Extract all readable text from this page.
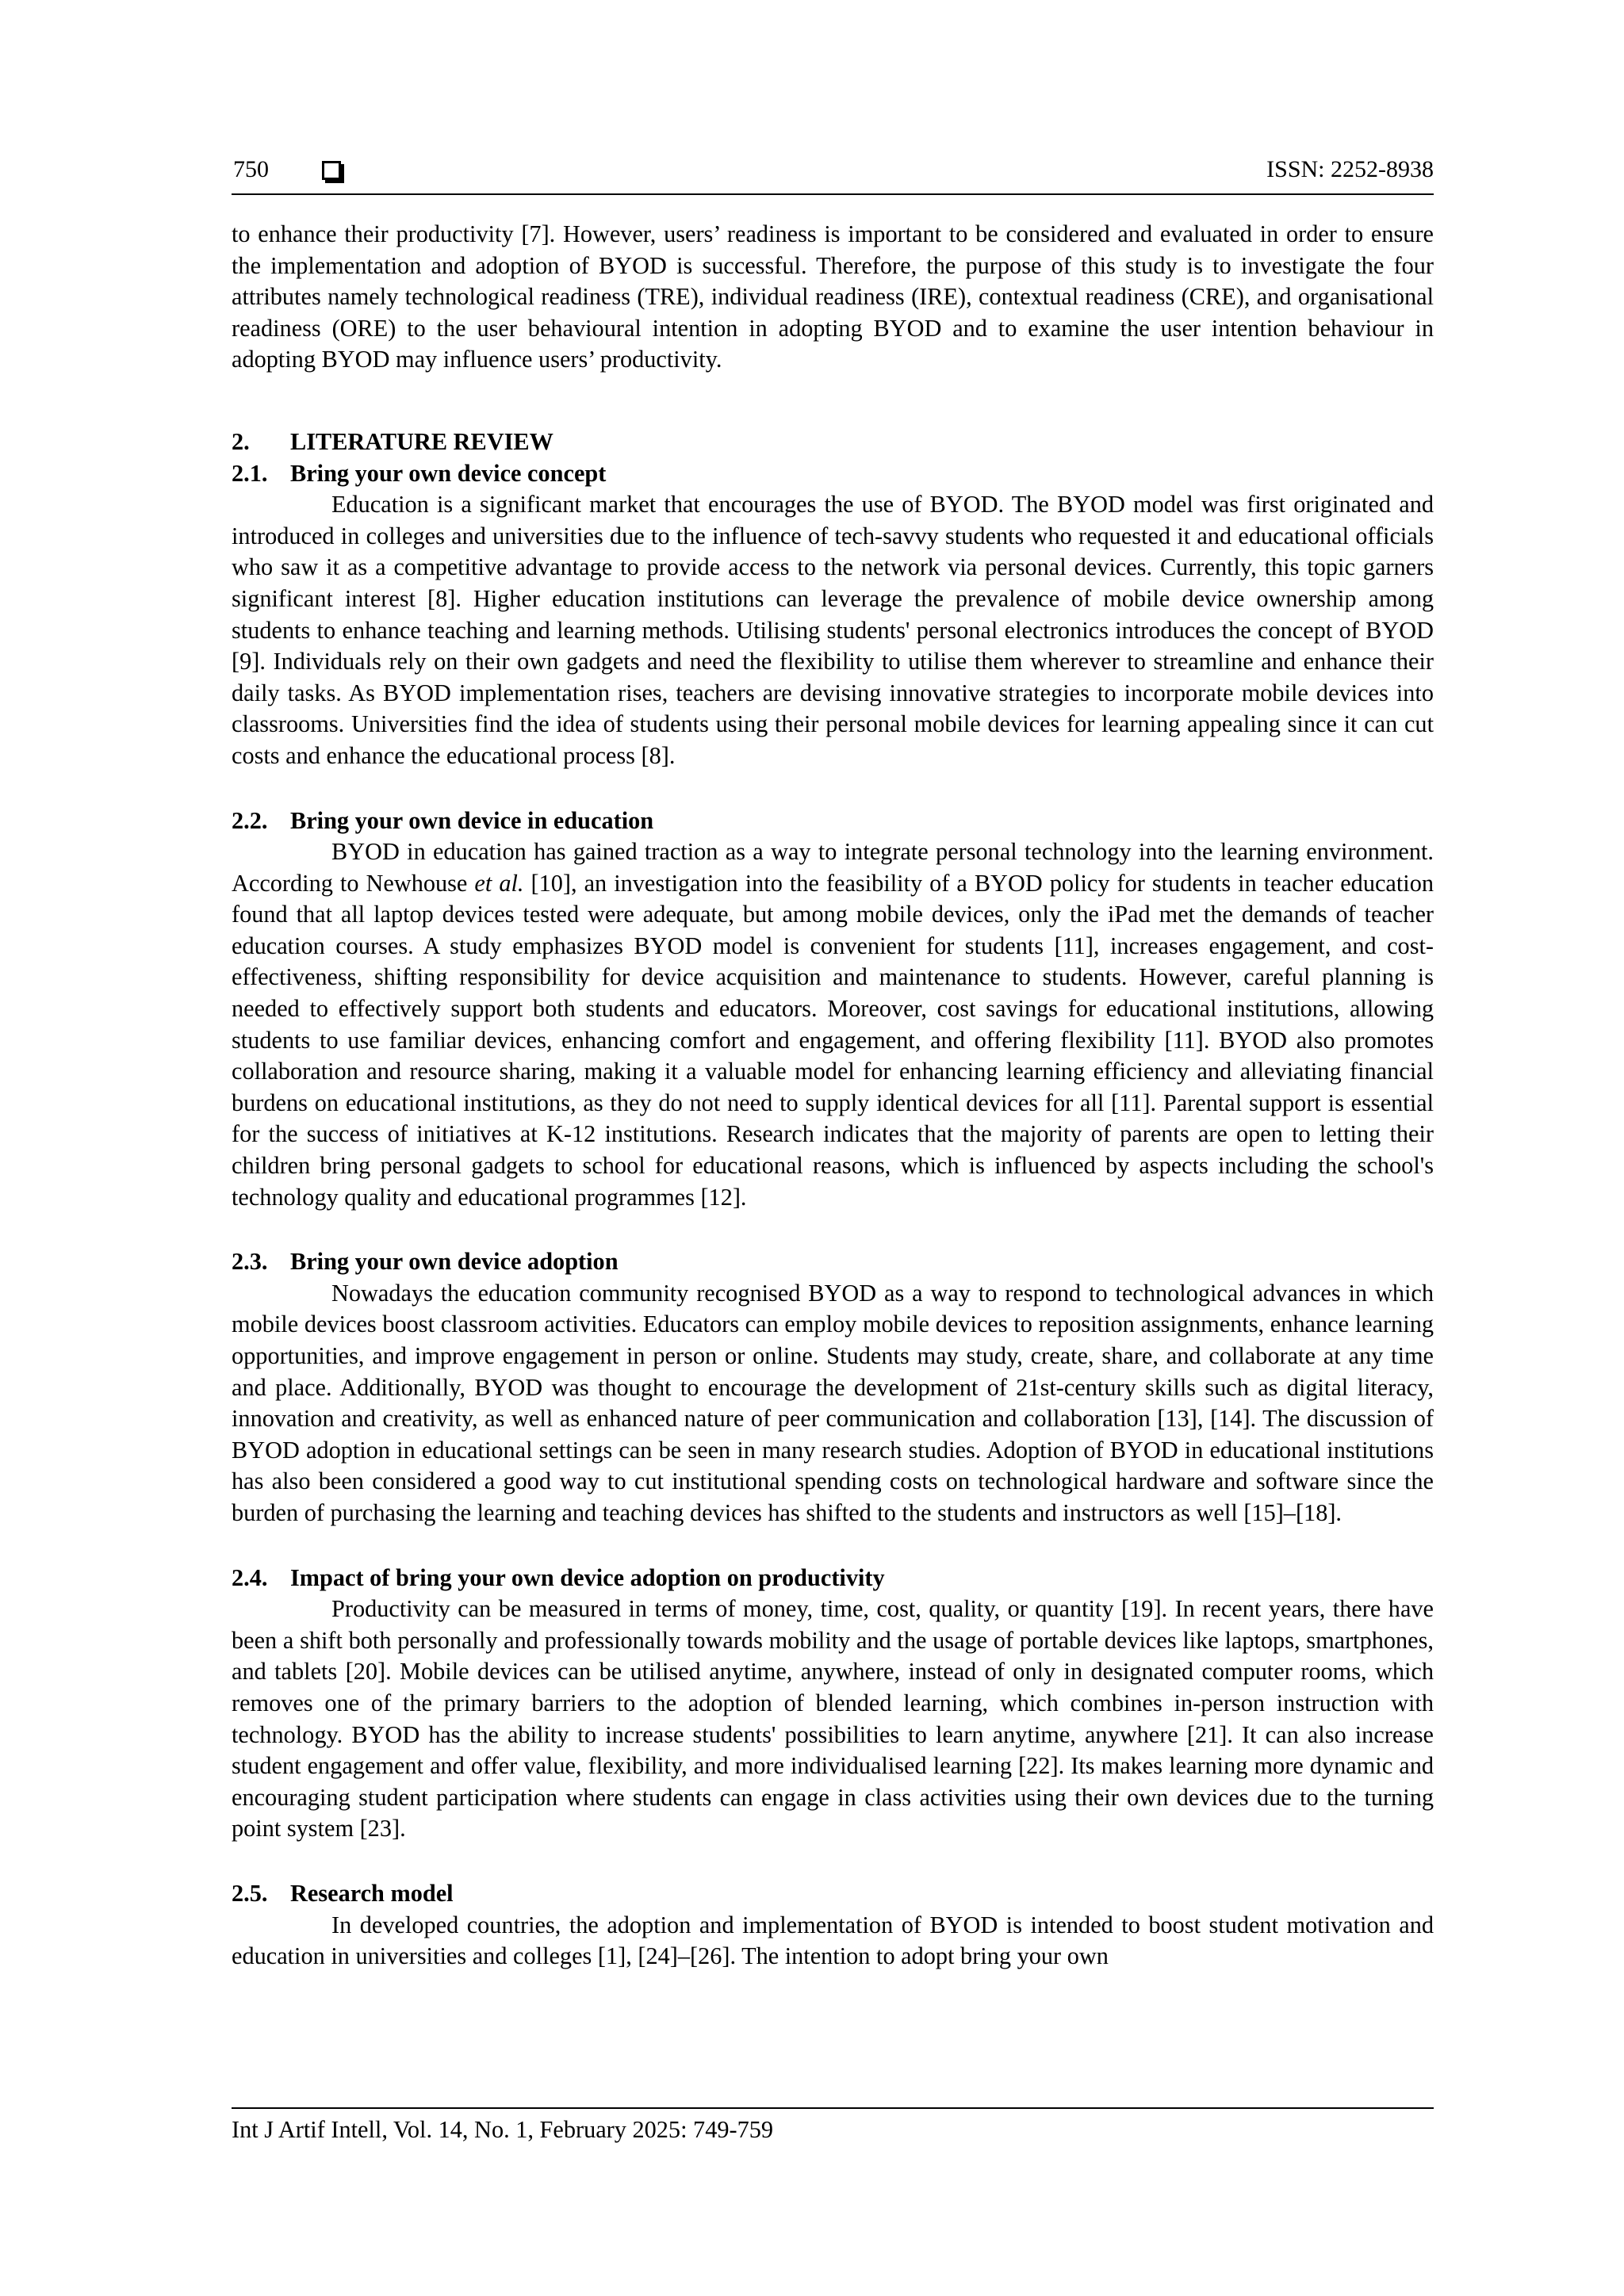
750	ISSN: 2252-8938

to enhance their productivity [7]. However, users’ readiness is important to be considered and evaluated in order to ensure the implementation and adoption of BYOD is successful. Therefore, the purpose of this study is to investigate the four attributes namely technological readiness (TRE), individual readiness (IRE), contextual readiness (CRE), and organisational readiness (ORE) to the user behavioural intention in adopting BYOD and to examine the user intention behaviour in adopting BYOD may influence users’ productivity.

2. LITERATURE REVIEW
2.1. Bring your own device concept

Education is a significant market that encourages the use of BYOD. The BYOD model was first originated and introduced in colleges and universities due to the influence of tech-savvy students who requested it and educational officials who saw it as a competitive advantage to provide access to the network via personal devices. Currently, this topic garners significant interest [8]. Higher education institutions can leverage the prevalence of mobile device ownership among students to enhance teaching and learning methods. Utilising students' personal electronics introduces the concept of BYOD [9]. Individuals rely on their own gadgets and need the flexibility to utilise them wherever to streamline and enhance their daily tasks. As BYOD implementation rises, teachers are devising innovative strategies to incorporate mobile devices into classrooms. Universities find the idea of students using their personal mobile devices for learning appealing since it can cut costs and enhance the educational process [8].

2.2. Bring your own device in education

BYOD in education has gained traction as a way to integrate personal technology into the learning environment. According to Newhouse et al. [10], an investigation into the feasibility of a BYOD policy for students in teacher education found that all laptop devices tested were adequate, but among mobile devices, only the iPad met the demands of teacher education courses. A study emphasizes BYOD model is convenient for students [11], increases engagement, and cost-effectiveness, shifting responsibility for device acquisition and maintenance to students. However, careful planning is needed to effectively support both students and educators. Moreover, cost savings for educational institutions, allowing students to use familiar devices, enhancing comfort and engagement, and offering flexibility [11]. BYOD also promotes collaboration and resource sharing, making it a valuable model for enhancing learning efficiency and alleviating financial burdens on educational institutions, as they do not need to supply identical devices for all [11]. Parental support is essential for the success of initiatives at K-12 institutions. Research indicates that the majority of parents are open to letting their children bring personal gadgets to school for educational reasons, which is influenced by aspects including the school's technology quality and educational programmes [12].

2.3. Bring your own device adoption

Nowadays the education community recognised BYOD as a way to respond to technological advances in which mobile devices boost classroom activities. Educators can employ mobile devices to reposition assignments, enhance learning opportunities, and improve engagement in person or online. Students may study, create, share, and collaborate at any time and place. Additionally, BYOD was thought to encourage the development of 21st-century skills such as digital literacy, innovation and creativity, as well as enhanced nature of peer communication and collaboration [13], [14]. The discussion of BYOD adoption in educational settings can be seen in many research studies. Adoption of BYOD in educational institutions has also been considered a good way to cut institutional spending costs on technological hardware and software since the burden of purchasing the learning and teaching devices has shifted to the students and instructors as well [15]–[18].

2.4. Impact of bring your own device adoption on productivity

Productivity can be measured in terms of money, time, cost, quality, or quantity [19]. In recent years, there have been a shift both personally and professionally towards mobility and the usage of portable devices like laptops, smartphones, and tablets [20]. Mobile devices can be utilised anytime, anywhere, instead of only in designated computer rooms, which removes one of the primary barriers to the adoption of blended learning, which combines in-person instruction with technology. BYOD has the ability to increase students' possibilities to learn anytime, anywhere [21]. It can also increase student engagement and offer value, flexibility, and more individualised learning [22]. Its makes learning more dynamic and encouraging student participation where students can engage in class activities using their own devices due to the turning point system [23].

2.5. Research model

In developed countries, the adoption and implementation of BYOD is intended to boost student motivation and education in universities and colleges [1], [24]–[26]. The intention to adopt bring your own

Int J Artif Intell, Vol. 14, No. 1, February 2025: 749-759
